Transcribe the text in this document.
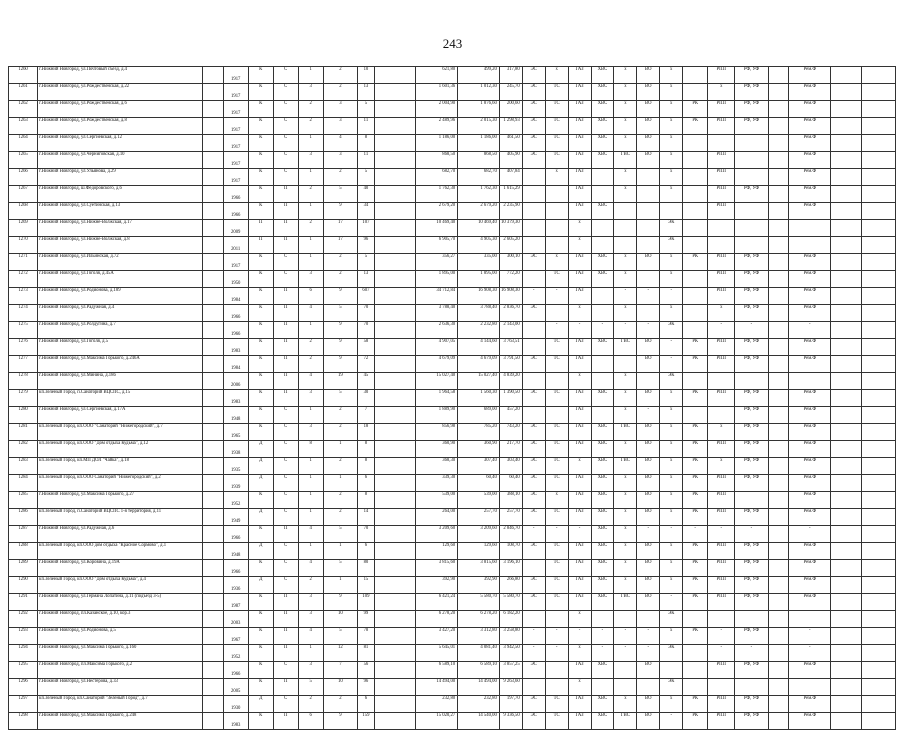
243
1260	г.Нижний Новгород, ул.Почтовый съезд, д.4		1917	К	С	1	2	10		621,80	499,20	317,80	ЭС	х	ГАЗ	ХВС	х	ВО	х		РПП	РФ, УФ		Рем.Ф		
1261	г.Нижний Новгород, ул.Рождественская, д.22		1917	К	С	3	2	13		1 601,36	1 012,30	245,70	ЭС	ТС	ГАЗ	ХВС	х	ВО	х		х	РФ, УФ		Рем.Ф		
1262	г.Нижний Новгород, ул.Рождественская, д.6		1917	К	С	2	3	5		2 004,90	1 876,60	200,60	ЭС	ТС	ГАЗ	ХВС	х	ВО	х	РК	РПП	РФ, УФ		Рем.Ф		
1263	г.Нижний Новгород, ул.Рождественская, д.8		1917	К	С	2	3	11		2 489,96	2 015,30	1 298,93	ЭС	ТС	ГАЗ	ХВС	х	ВО	х	РК	РПП	РФ, УФ		Рем.Ф		
1264	г.Нижний Новгород, ул.Сергиевская, д.12		1917	К	С	1	4	8		1 186,00	1 186,00	461,50	ЭС	ТС	ГАЗ	ХВС	х	ВО	х					Рем.Ф		
1265	г.Нижний Новгород, ул.Черниговская, д.10		1917	К	С	3	3	11		868,50	868,50	405,90	ЭС	ТС	ГАЗ	ХВС	ГВС	ВО	х		РПП			Рем.Ф		
1266	г.Нижний Новгород, ул.Ульянова, д.29		1917	К	С	1	2	5		682,70	682,70	407,84		х	ГАЗ		х		х		РПП			Рем.Ф		
1267	г.Нижний Новгород, ш.Федоровского, д.6		1966	К	П	2	5	40		1 762,30	1 762,30	1 615,29			ГАЗ		х		х		РПП	РФ, УФ		Рем.Ф		
1268	г.Нижний Новгород, ул.Суетинская, д.13		1966	К	П	1	9	34		2 679,20	2 679,20	2 235,90			ГАЗ	ХВС					РПП			Рем.Ф		
1269	г.Нижний Новгород, ул.Нижне-Волжская, д.17		2009	П	П	2	17	107		10 469,40	10 469,40	10 379,30			х				ЭК							
1270	г.Нижний Новгород, ул.Нижне-Волжская, д.8		2011	П	П	1	17	96		6 905,70	4 905,30	2 605,20			х				ЭК							
1271	г.Нижний Новгород, ул.Ильинская, д.72		1917	К	С	1	2	5		356,27	335,00	300,10	ЭС	х	ГАЗ	ХВС	х	ВО	х	РК	РПП	РФ, УФ		Рем.Ф		
1272	г.Нижний Новгород, ул.Гоголя, д.45А		1950	К	С	3	2	13		1 895,00	1 895,00	772,20		ТС	ГАЗ	ХВС	х		х		РПП	РФ, УФ		Рем.Ф		
1273	г.Нижний Новгород, ул.Родионова, д.189		1984	К	П	6	9	607		34 712,84	16 908,30	16 908,30	-	-	ГАЗ		-	-	-		РПП	РФ, УФ		Рем.Ф		
1274	г.Нижний Новгород, ул.Радужная, д.4		1966	К	П	4	5	70		3 788,40	3 788,40	2 836,70	ЭС		х		х		х		х	РФ, УФ		Рем.Ф		
1275	г.Нижний Новгород, ул.Ролдугина, д.7		1966	К	П	1	9	70		2 636,30	2 232,80	2 143,00		-	-	-	-	-	ЭК		-	-		-		
1276	г.Нижний Новгород, ул.Гоголя, д.5		1983	К	П	2	9	58		4 907,05	4 144,60	3 763,51		ТС	ГАЗ	ХВС	ГВС	ВО	-	РК	РПП	РФ, УФ		Рем.Ф		
1277	г.Нижний Новгород, ул.Максима Горького, д.246А		1984	К	П	2	9	72		4 679,09	4 679,09	3 791,50	ЭС	ТС	ГАЗ			ВО	-	РК	РПП	РФ, УФ		Рем.Ф		
1278	г.Нижний Новгород, ул.Минина, д.18б		2006	К	П	4	19	45		15 027,40	15 027,40	4 839,20			х		х		ЭК							
1279	кп.Зеленый Город, п.Санаторий ВЦСПС, д.15		1983	К	П	3	5	30		1 964,58	1 560,30	1 390,50	ЭС	ТС	ГАЗ	ХВС	х	ВО	х	РК	РПП	РФ, УФ		Рем.Ф		
1280	г.Нижний Новгород, ул.Сергиевская, д.17А		1948	К	С	1	2	7		1 889,90	689,00	457,20			ГАЗ		х	-	х			РФ, УФ		Рем.Ф		
1281	кп.Зеленый Город, кп.ООО "Санаторий "Нижегородский", д.7		1965	К	С	3	2	18		856,98	785,20	743,20	ЭС	ТС	ГАЗ	ХВС	ГВС	ВО	х	РК	х	РФ, УФ		Рем.Ф		
1282	кп.Зеленый Город, кп.ООО "Дом отдыха Кудьма", д.12		1938	Д	С	8	1	8		360,90	360,90	217,70	ЭС	ТС	ГАЗ	ХВС	х	ВО	х	РК	РПП	РФ, УФ		Рем.Ф		
1283	кп.Зеленый Город, кп.МП ДОЛ "Чайка", д.18		1935	Д	С	1	2	8		368,30	307,40	303,40	ЭС	ТС	х	ХВС	ГВС	ВО	х	РК	х	РФ, УФ		Рем.Ф		
1284	кп.Зеленый Город, кп.ООО Санаторий "Нижегородский", д.2		1939	Д	С	1	1	6		339,30	60,40	60,40	ЭС	ТС	ГАЗ	ХВС	х	ВО	х	РК	РПП	РФ, УФ		Рем.Ф		
1285	г.Нижний Новгород, ул.Максима Горького, д.27		1952	К	С	1	2	8		539,00	539,00	388,10	ЭС	х	ГАЗ	ХВС	х	ВО	х	РК	РПП			Рем.Ф		
1286	кп.Зеленый Город, п.Санаторий ВЦСПС 1-я территория, д.11		1949	Д	С	1	2	14		264,00	257,70	257,70	ЭС	ТС	ГАЗ	ХВС	х	ВО	х	РК	РПП	РФ, УФ		Рем.Ф		
1287	г.Нижний Новгород, ул.Радужная, д.6		1966	К	П	4	5	70		3 209,60	3 209,60	2 846,70	-	-	-	ХВС	х	-	-	-	-	-		-		
1288	кп.Зеленый Город, кп.ООО дом отдыха "Красное Сормово", д.1		1948	Д	С	1	1	6		129,60	129,60	108,70	ЭС	ТС	ГАЗ	ХВС	х	ВО	х	РК	РПП	РФ, УФ		Рем.Ф		
1289	г.Нижний Новгород, ул.Коровина, д.19А		1966	К	С	4	5	80		3 815,60	3 815,60	3 196,10		ТС	ГАЗ	ХВС	х	ВО	х	РК	РПП	РФ, УФ		Рем.Ф		
1290	кп.Зеленый Город, кп.ООО "Дом отдыха Кудьма", д.4		1936	Д	С	2	1	15		392,90	392,90	266,80	ЭС	ТС	ГАЗ	ХВС	х	ВО	х	РК	РПП	РФ, УФ		Рем.Ф		
1291	г.Нижний Новгород, ул.Германа Лопатина, д.11 (подъезд 3-5)		1987	К	П	3	9	109		6 421,24	5 580,70	5 580,70	ЭС	ТС	ГАЗ	ХВС	ГВС	ВО	-	РК	РПП	РФ, УФ		Рем.Ф		
1292	г.Нижний Новгород, пл.Казанское, д.10, кор.3		2003	К	П	3	10	99		6 278,20	6 278,20	6 182,20			х				ЭК							
1293	г.Нижний Новгород, ул.Родионова, д.5		1967	К	П	4	5	78		3 427,20	3 312,80	3 258,80	-	-	-	-	-	-	х	РК	-	РФ, УФ		-		
1294	г.Нижний Новгород, ул.Максима Горького, д.160		1952	К	П	1	12	81		5 645,01	4 081,40	3 942,50	-	-	х	-	-	-	ЭК		-	-		-		
1295	г.Нижний Новгород, пл.Максима Горького, д.2		1966	К	С	3	7	56		6 589,10	6 589,10	3 857,25	ЭС		ГАЗ	ХВС		ВО			РПП	РФ, УФ		Рем.Ф		
1296	г.Нижний Новгород, ул.Нестерова, д.33		2005	К	П	5	10	96		14 494,00	14 494,00	9 263,60			х				ЭК							
1297	кп.Зеленый Город, кп.Санаторий "Зеленый Город", д.7		1930	Д	С	2	2	6		232,80	232,80	197,70	ЭС	ТС	ГАЗ	ХВС	х	ВО	х	РК	РПП	РФ, УФ		Рем.Ф		
1298	г.Нижний Новгород, ул.Максима Горького, д.248		1983	К	П	6	9	159		15 020,27	14 540,00	9 336,50	ЭС	ТС	ГАЗ	ХВС	ГВС	ВО	-	РК	РПП	РФ, УФ		Рем.Ф		
